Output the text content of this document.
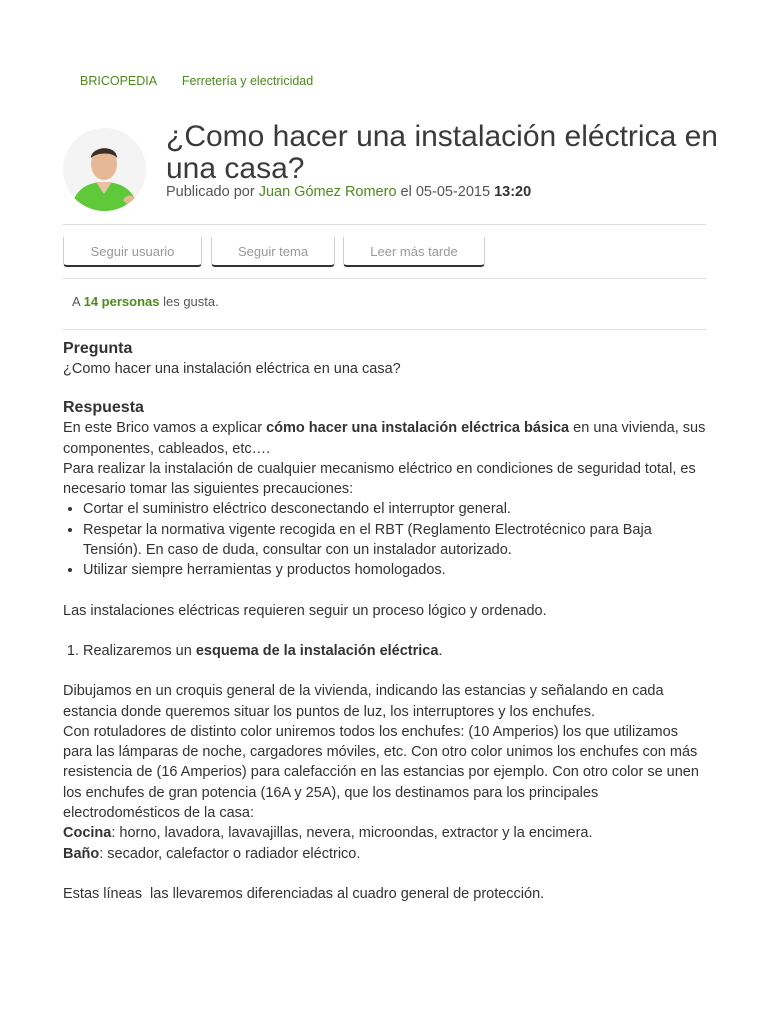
BRICOPEDIA Ferretería y electricidad
¿Como hacer una instalación eléctrica en una casa?
Publicado por Juan Gómez Romero el 05-05-2015 13:20
Seguir usuario	Seguir tema	Leer más tarde
A 14 personas les gusta.
Pregunta

¿Como hacer una instalación eléctrica en una casa?

Respuesta

En este Brico vamos a explicar cómo hacer una instalación eléctrica básica en una vivienda, sus componentes, cableados, etc….

Para realizar la instalación de cualquier mecanismo eléctrico en condiciones de seguridad total, es necesario tomar las siguientes precauciones:

• Cortar el suministro eléctrico desconectando el interruptor general.
• Respetar la normativa vigente recogida en el RBT (Reglamento Electrotécnico para Baja Tensión). En caso de duda, consultar con un instalador autorizado.
• Utilizar siempre herramientas y productos homologados.

Las instalaciones eléctricas requieren seguir un proceso lógico y ordenado.

1. Realizaremos un esquema de la instalación eléctrica.

Dibujamos en un croquis general de la vivienda, indicando las estancias y señalando en cada estancia donde queremos situar los puntos de luz, los interruptores y los enchufes.

Con rotuladores de distinto color uniremos todos los enchufes: (10 Amperios) los que utilizamos para las lámparas de noche, cargadores móviles, etc. Con otro color unimos los enchufes con más resistencia de (16 Amperios) para calefacción en las estancias por ejemplo. Con otro color se unen los enchufes de gran potencia (16A y 25A), que los destinamos para los principales electrodomésticos de la casa:

Cocina: horno, lavadora, lavavajillas, nevera, microondas, extractor y la encimera.

Baño: secador, calefactor o radiador eléctrico.

Estas líneas  las llevaremos diferenciadas al cuadro general de protección.
